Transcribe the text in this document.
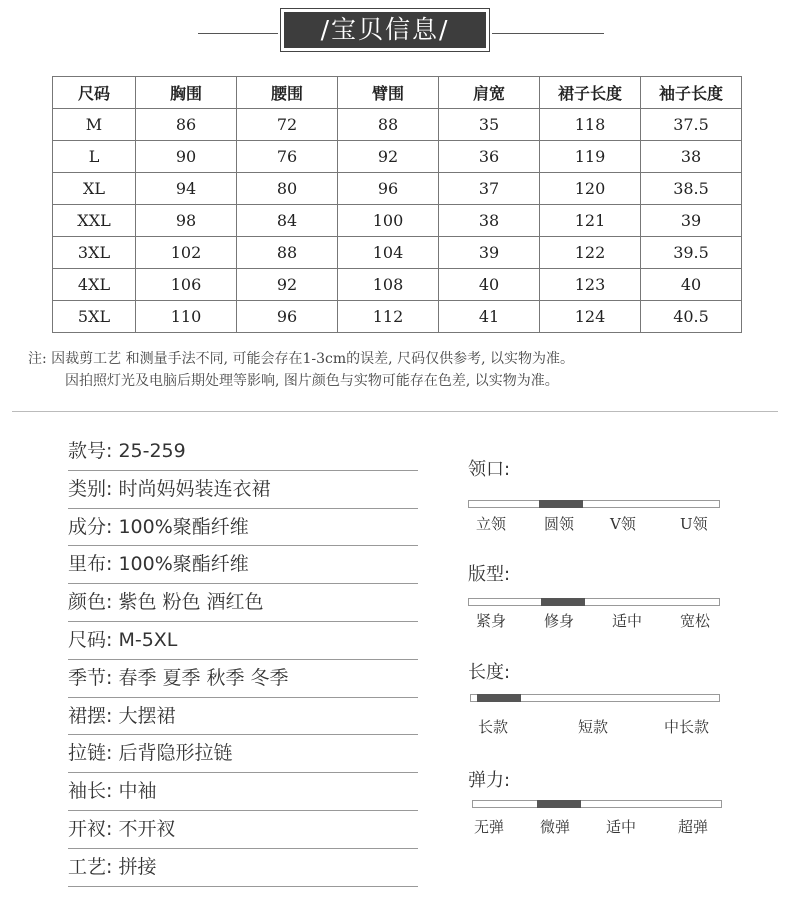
/宝贝信息/
尺码	胸围	腰围	臂围	肩宽	裙子长度	袖子长度
M	86	72	88	35	118	37.5
L	90	76	92	36	119	38
XL	94	80	96	37	120	38.5
XXL	98	84	100	38	121	39
3XL	102	88	104	39	122	39.5
4XL	106	92	108	40	123	40
5XL	110	96	112	41	124	40.5
注: 因裁剪工艺 和测量手法不同, 可能会存在1-3cm的误差, 尺码仅供参考, 以实物为准。
因拍照灯光及电脑后期处理等影响, 图片颜色与实物可能存在色差, 以实物为准。
款号: 25-259
类别: 时尚妈妈装连衣裙
成分: 100%聚酯纤维
里布: 100%聚酯纤维
颜色: 紫色 粉色 酒红色
尺码: M-5XL
季节: 春季 夏季 秋季 冬季
裙摆: 大摆裙
拉链: 后背隐形拉链
袖长: 中袖
开衩: 不开衩
工艺: 拼接
领口:
立领	圆领 V领	U领
版型:
紧身	修身	适中	宽松
长度:
长款	短款	中长款
弹力:
无弹 微弹 适中	超弹
